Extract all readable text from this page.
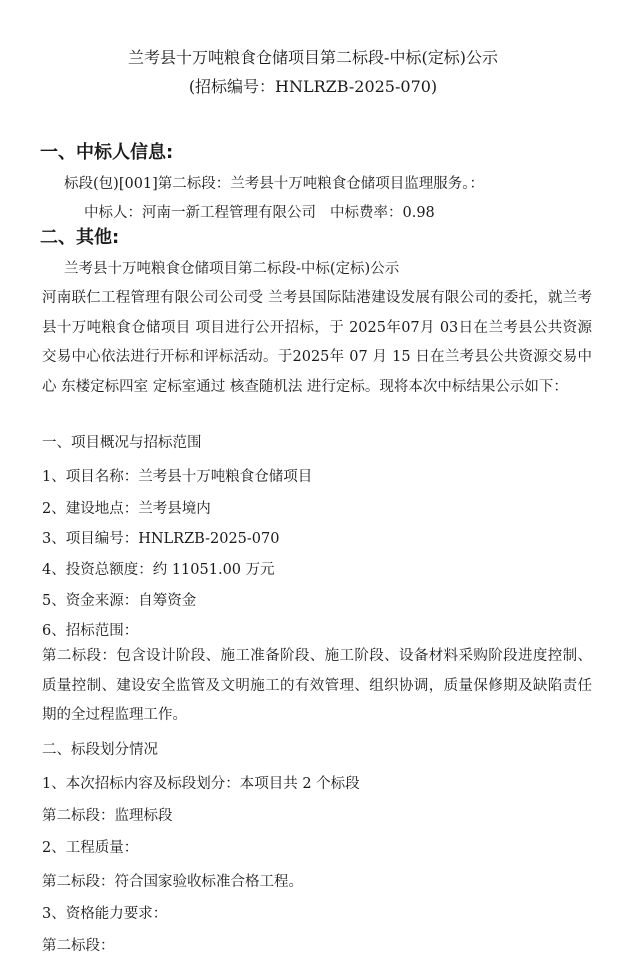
兰考县十万吨粮食仓储项目第二标段-中标(定标)公示
(招标编号：HNLRZB-2025-070)
一、中标人信息:
标段(包)[001]第二标段：兰考县十万吨粮食仓储项目监理服务。：
中标人：河南一新工程管理有限公司 中标费率：0.98
二、其他:
兰考县十万吨粮食仓储项目第二标段-中标(定标)公示
河南联仁工程管理有限公司公司受 兰考县国际陆港建设发展有限公司的委托，就兰考县十万吨粮食仓储项目 项目进行公开招标，于 2025年07月 03日在兰考县公共资源交易中心依法进行开标和评标活动。于2025年 07 月 15 日在兰考县公共资源交易中心 东楼定标四室 定标室通过 核查随机法 进行定标。现将本次中标结果公示如下：
一、项目概况与招标范围
1、项目名称：兰考县十万吨粮食仓储项目
2、建设地点：兰考县境内
3、项目编号：HNLRZB-2025-070
4、投资总额度：约 11051.00 万元
5、资金来源：自筹资金
6、招标范围：
第二标段：包含设计阶段、施工准备阶段、施工阶段、设备材料采购阶段进度控制、质量控制、建设安全监管及文明施工的有效管理、组织协调，质量保修期及缺陷责任期的全过程监理工作。
二、标段划分情况
1、本次招标内容及标段划分：本项目共 2 个标段
第二标段：监理标段
2、工程质量：
第二标段：符合国家验收标准合格工程。
3、资格能力要求：
第二标段：
